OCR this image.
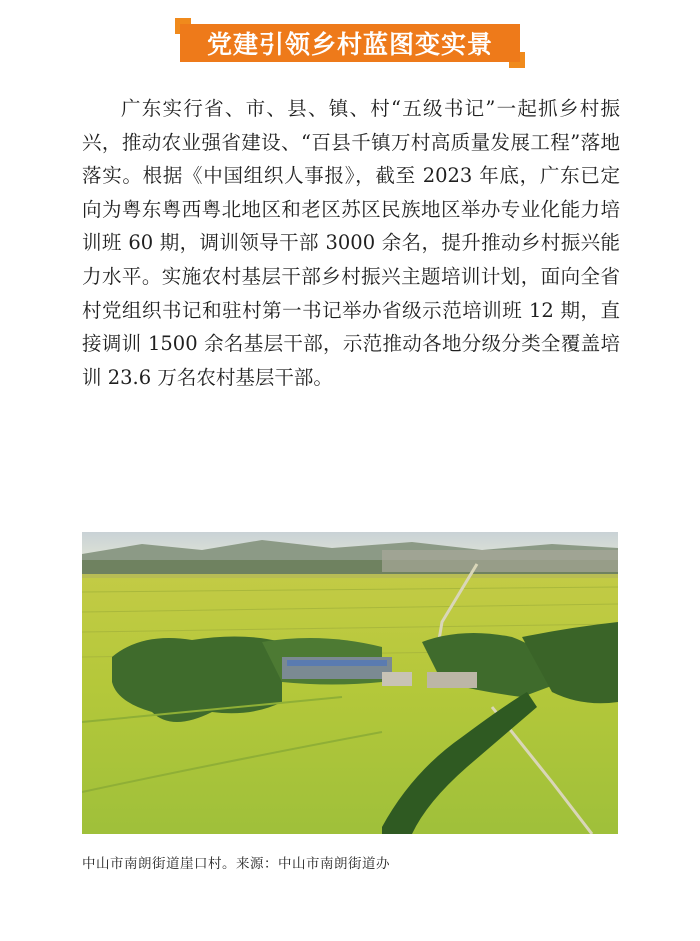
党建引领乡村蓝图变实景

广东实行省、市、县、镇、村“五级书记”一起抓乡村振兴，推动农业强省建设、“百县千镇万村高质量发展工程”落地落实。根据《中国组织人事报》，截至 2023 年底，广东已定向为粤东粤西粤北地区和老区苏区民族地区举办专业化能力培训班 60 期，调训领导干部 3000 余名，提升推动乡村振兴能力水平。实施农村基层干部乡村振兴主题培训计划，面向全省村党组织书记和驻村第一书记举办省级示范培训班 12 期，直接调训 1500 余名基层干部，示范推动各地分级分类全覆盖培训 23.6 万名农村基层干部。

中山市南朗街道崖口村。来源：中山市南朗街道办
